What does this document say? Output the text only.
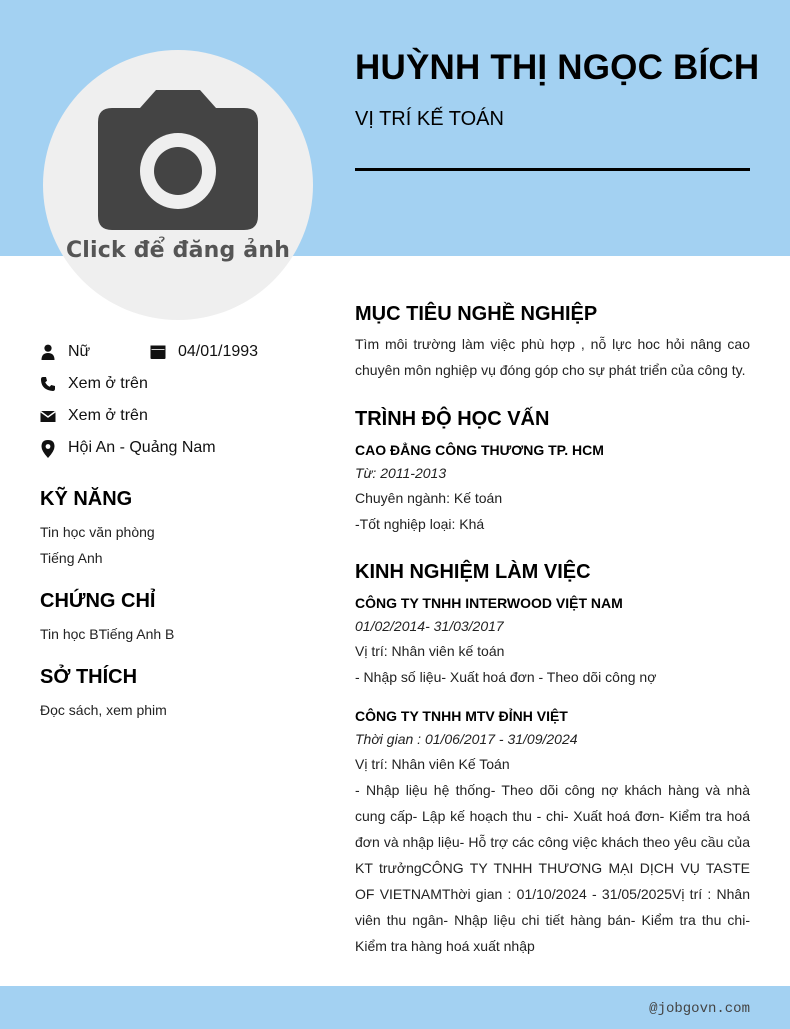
Click để đăng ảnh
HUỲNH THỊ NGỌC BÍCH
VỊ TRÍ KẾ TOÁN
Nữ	04/01/1993
Xem ở trên
Xem ở trên
Hội An - Quảng Nam
KỸ NĂNG
Tin học văn phòng
Tiếng Anh
CHỨNG CHỈ
Tin học BTiếng Anh B
SỞ THÍCH
Đọc sách, xem phim
MỤC TIÊU NGHỀ NGHIỆP
Tìm môi trường làm việc phù hợp , nỗ lực hoc hỏi nâng cao chuyên môn nghiệp vụ đóng góp cho sự phát triển của công ty.
TRÌNH ĐỘ HỌC VẤN
CAO ĐẲNG CÔNG THƯƠNG TP. HCM
Từ: 2011-2013
Chuyên ngành: Kế toán
-Tốt nghiệp loại: Khá
KINH NGHIỆM LÀM VIỆC
CÔNG TY TNHH INTERWOOD VIỆT NAM
01/02/2014- 31/03/2017
Vị trí: Nhân viên kế toán
- Nhập số liệu- Xuất hoá đơn - Theo dõi công nợ
CÔNG TY TNHH MTV ĐỈNH VIỆT
Thời gian : 01/06/2017 - 31/09/2024
Vị trí: Nhân viên Kế Toán
- Nhập liệu hệ thống- Theo dõi công nợ khách hàng và nhà cung cấp- Lập kế hoạch thu - chi- Xuất hoá đơn- Kiểm tra hoá đơn và nhập liệu- Hỗ trợ các công việc khách theo yêu cầu của KT trưởngCÔNG TY TNHH THƯƠNG MẠI DỊCH VỤ TASTE OF VIETNAMThời gian : 01/10/2024 - 31/05/2025Vị trí : Nhân viên thu ngân- Nhập liệu chi tiết hàng bán- Kiểm tra thu chi- Kiểm tra hàng hoá xuất nhập
@jobgovn.com
